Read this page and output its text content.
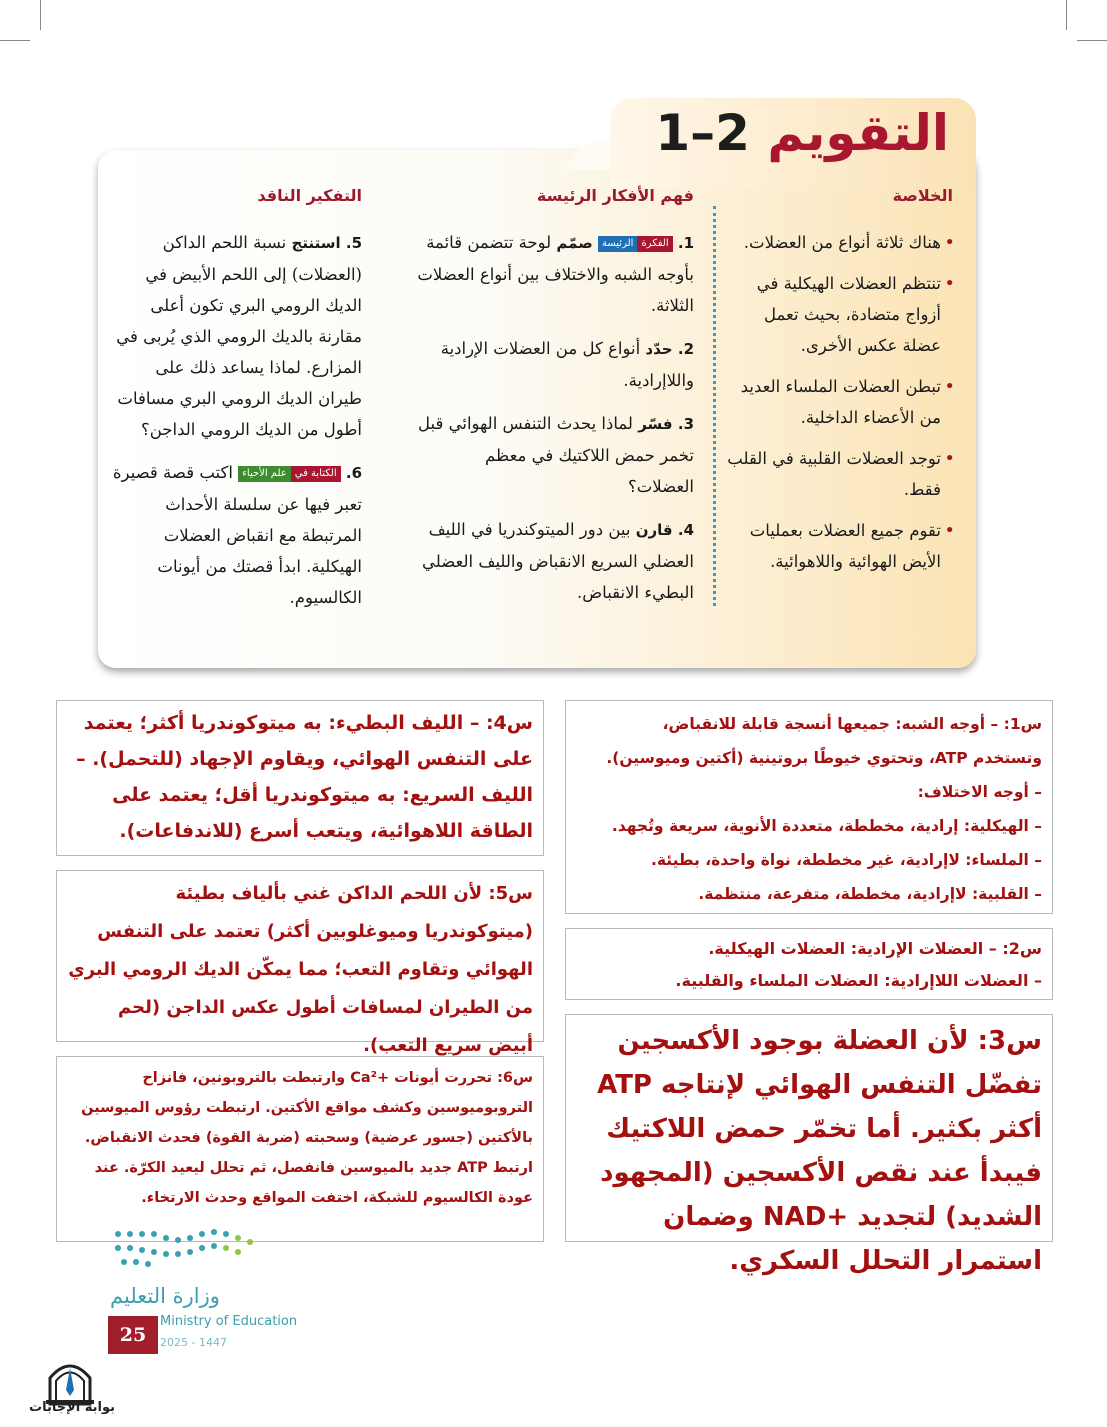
التقويم 2–1
الخلاصة
• هناك ثلاثة أنواع من العضلات.
• تنتظم العضلات الهيكلية في أزواج متضادة، بحيث تعمل عضلة عكس الأخرى.
• تبطن العضلات الملساء العديد من الأعضاء الداخلية.
• توجد العضلات القلبية في القلب فقط.
• تقوم جميع العضلات بعمليات الأيض الهوائية واللاهوائية.
فهم الأفكار الرئيسة
1. الفكرةالرئيسة صمّم لوحة تتضمن قائمة بأوجه الشبه والاختلاف بين أنواع العضلات الثلاثة.
2. حدّد أنواع كل من العضلات الإرادية واللاإرادية.
3. فسّر لماذا يحدث التنفس الهوائي قبل تخمر حمض اللاكتيك في معظم العضلات؟
4. قارن بين دور الميتوكندريا في الليف العضلي السريع الانقباض والليف العضلي البطيء الانقباض.
التفكير الناقد
5. استنتج نسبة اللحم الداكن (العضلات) إلى اللحم الأبيض في الديك الرومي البري تكون أعلى مقارنة بالديك الرومي الذي يُربى في المزارع. لماذا يساعد ذلك على طيران الديك الرومي البري مسافات أطول من الديك الرومي الداجن؟
6. الكتابة فيعلم الأحياء اكتب قصة قصيرة تعبر فيها عن سلسلة الأحداث المرتبطة مع انقباض العضلات الهيكلية. ابدأ قصتك من أيونات الكالسيوم.

س1: – أوجه الشبه: جميعها أنسجة قابلة للانقباض،

وتستخدم ATP، وتحتوي خيوطًا بروتينية (أكتين وميوسين).

– أوجه الاختلاف:

– الهيكلية: إرادية، مخططة، متعددة الأنوية، سريعة وتُجهد.

– الملساء: لاإرادية، غير مخططة، نواة واحدة، بطيئة.

– القلبية: لاإرادية، مخططة، متفرعة، منتظمة.

س2: – العضلات الإرادية: العضلات الهيكلية.

– العضلات اللاإرادية: العضلات الملساء والقلبية.

س3: لأن العضلة بوجود الأكسجين تفضّل التنفس الهوائي لإنتاجه ATP أكثر بكثير. أما تخمّر حمض اللاكتيك فيبدأ عند نقص الأكسجين (المجهود الشديد) لتجديد +NAD وضمان استمرار التحلل السكري.

س4: – الليف البطيء: به ميتوكوندريا أكثر؛ يعتمد على التنفس الهوائي، ويقاوم الإجهاد (للتحمل). – الليف السريع: به ميتوكوندريا أقل؛ يعتمد على الطاقة اللاهوائية، ويتعب أسرع (للاندفاعات).

س5: لأن اللحم الداكن غني بألياف بطيئة (ميتوكوندريا وميوغلوبين أكثر) تعتمد على التنفس الهوائي وتقاوم التعب؛ مما يمكّن الديك الرومي البري من الطيران لمسافات أطول عكس الداجن (لحم أبيض سريع التعب).

س6: تحررت أيونات +Ca² وارتبطت بالتروبونين، فانزاح التروبوميوسين وكشف مواقع الأكتين. ارتبطت رؤوس الميوسين بالأكتين (جسور عرضية) وسحبته (ضربة القوة) فحدث الانقباض. ارتبط ATP جديد بالميوسين فانفصل، ثم تحلل ليعيد الكرّة. عند عودة الكالسيوم للشبكة، اختفت المواقع وحدث الارتخاء.

وزارة التعليم
Ministry of Education
2025 - 1447
25
بوابة الإجابات
